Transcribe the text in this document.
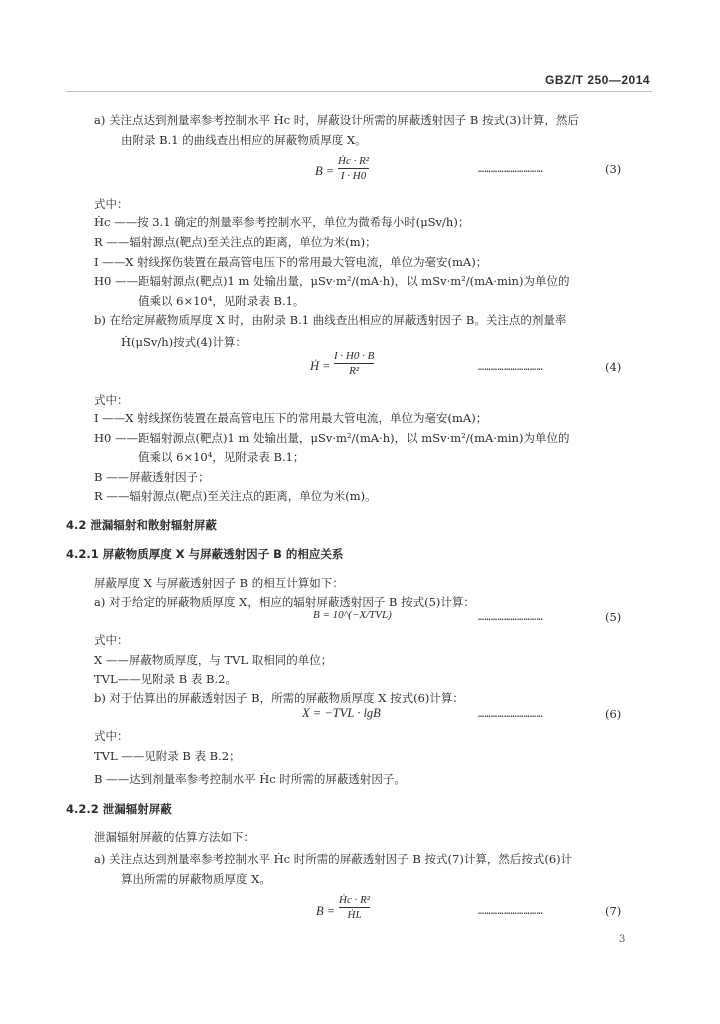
GBZ/T 250—2014
a) 关注点达到剂量率参考控制水平 Ḣc 时，屏蔽设计所需的屏蔽透射因子 B 按式(3)计算，然后
由附录 B.1 的曲线查出相应的屏蔽物质厚度 X。
式中：
Ḣc ——按 3.1 确定的剂量率参考控制水平，单位为微希每小时(μSv/h)；
R ——辐射源点(靶点)至关注点的距离，单位为米(m)；
I ——X 射线探伤装置在最高管电压下的常用最大管电流，单位为毫安(mA)；
H0 ——距辐射源点(靶点)1 m 处输出量，μSv·m²/(mA·h)，以 mSv·m²/(mA·min)为单位的
值乘以 6×10⁴，见附录表 B.1。
b) 在给定屏蔽物质厚度 X 时，由附录 B.1 曲线查出相应的屏蔽透射因子 B。关注点的剂量率
Ḣ(μSv/h)按式(4)计算：
式中：
I ——X 射线探伤装置在最高管电压下的常用最大管电流，单位为毫安(mA)；
H0 ——距辐射源点(靶点)1 m 处输出量，μSv·m²/(mA·h)，以 mSv·m²/(mA·min)为单位的
值乘以 6×10⁴，见附录表 B.1；
B ——屏蔽透射因子；
R ——辐射源点(靶点)至关注点的距离，单位为米(m)。
4.2 泄漏辐射和散射辐射屏蔽
4.2.1 屏蔽物质厚度 X 与屏蔽透射因子 B 的相应关系
屏蔽厚度 X 与屏蔽透射因子 B 的相互计算如下：
a) 对于给定的屏蔽物质厚度 X，相应的辐射屏蔽透射因子 B 按式(5)计算：
式中：
X ——屏蔽物质厚度，与 TVL 取相同的单位；
TVL——见附录 B 表 B.2。
b) 对于估算出的屏蔽透射因子 B，所需的屏蔽物质厚度 X 按式(6)计算：
式中：
TVL ——见附录 B 表 B.2；
B ——达到剂量率参考控制水平 Ḣc 时所需的屏蔽透射因子。
4.2.2 泄漏辐射屏蔽
泄漏辐射屏蔽的估算方法如下：
a) 关注点达到剂量率参考控制水平 Ḣc 时所需的屏蔽透射因子 B 按式(7)计算，然后按式(6)计
算出所需的屏蔽物质厚度 X。
B =
Ḣc · R²
I · H0
…………………………	(3)
Ḣ =
I · H0 · B
R²	…………………………	(4)
B = 10^(−X/TVL)	…………………………	(5)
X = −TVL · lgB	…………………………	(6)
B =
Ḣc · R²
ḢL	…………………………	(7)
3
